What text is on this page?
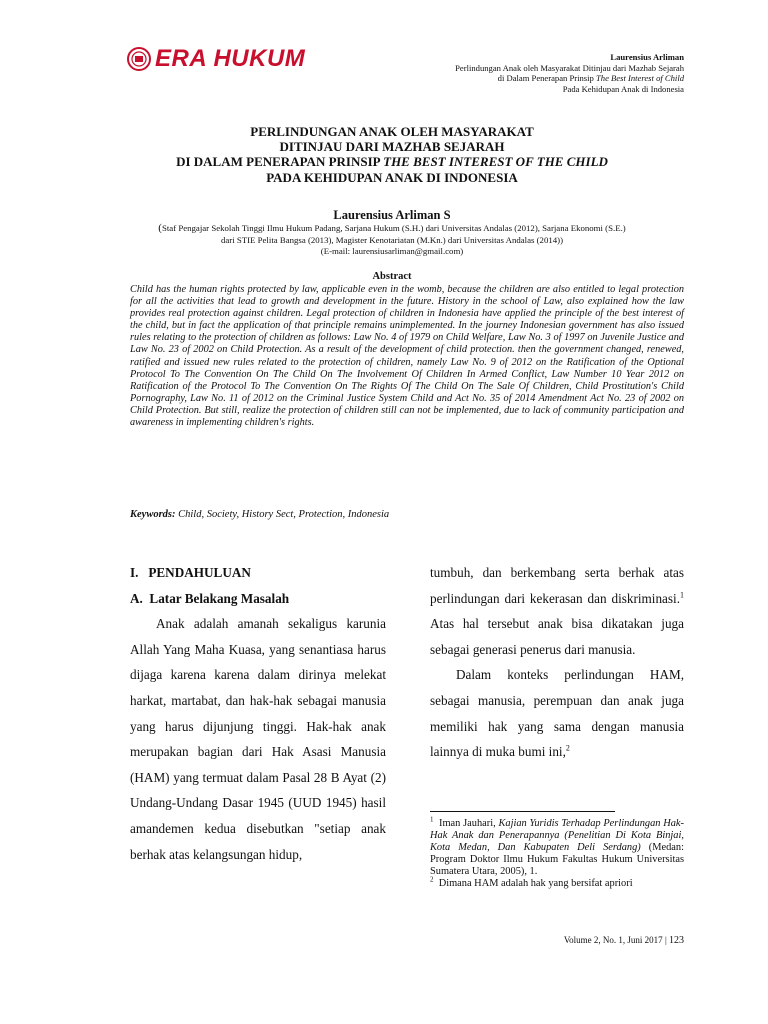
ERA HUKUM	Laurensius Arliman
Perlindungan Anak oleh Masyarakat Ditinjau dari Mazhab Sejarah
di Dalam Penerapan Prinsip The Best Interest of Child
Pada Kehidupan Anak di Indonesia
PERLINDUNGAN ANAK OLEH MASYARAKAT
DITINJAU DARI MAZHAB SEJARAH
DI DALAM PENERAPAN PRINSIP THE BEST INTEREST OF THE CHILD
PADA KEHIDUPAN ANAK DI INDONESIA
Laurensius Arliman S
(Staf Pengajar Sekolah Tinggi Ilmu Hukum Padang, Sarjana Hukum (S.H.) dari Universitas Andalas (2012), Sarjana Ekonomi (S.E.)
dari STIE Pelita Bangsa (2013), Magister Kenotariatan (M.Kn.) dari Universitas Andalas (2014))
(E-mail: laurensiusarliman@gmail.com)
Abstract

Child has the human rights protected by law, applicable even in the womb, because the children are also entitled to legal protection for all the activities that lead to growth and development in the future. History in the school of Law, also explained how the law provides real protection against children. Legal protection of children in Indonesia have applied the principle of the best interest of the child, but in fact the application of that principle remains unimplemented. In the journey Indonesian government has also issued rules relating to the protection of children as follows: Law No. 4 of 1979 on Child Welfare, Law No. 3 of 1997 on Juvenile Justice and Law No. 23 of 2002 on Child Protection. As a result of the development of child protection. then the government changed, renewed, ratified and issued new rules related to the protection of children, namely Law No. 9 of 2012 on the Ratification of the Optional Protocol To The Convention On The Child On The Involvement Of Children In Armed Conflict, Law Number 10 Year 2012 on Ratification of the Protocol To The Convention On The Rights Of The Child On The Sale Of Children, Child Prostitution's Child Pornography, Law No. 11 of 2012 on the Criminal Justice System Child and Act No. 35 of 2014 Amendment Act No. 23 of 2002 on Child Protection. But still, realize the protection of children still can not be implemented, due to lack of community participation and awareness in implementing children's rights.

Keywords: Child, Society, History Sect, Protection, Indonesia

I.   PENDAHULUAN

A.  Latar Belakang Masalah

Anak adalah amanah sekaligus karunia Allah Yang Maha Kuasa, yang senantiasa harus dijaga karena karena dalam dirinya melekat harkat, martabat, dan hak-hak sebagai manusia yang harus dijunjung tinggi. Hak-hak anak merupakan bagian dari Hak Asasi Manusia (HAM) yang termuat dalam Pasal 28 B Ayat (2) Undang-Undang Dasar 1945 (UUD 1945) hasil amandemen kedua disebutkan "setiap anak berhak atas kelangsungan hidup,

tumbuh, dan berkembang serta berhak atas perlindungan dari kekerasan dan diskriminasi.$^1$ Atas hal tersebut anak bisa dikatakan juga sebagai generasi penerus dari manusia.

Dalam konteks perlindungan HAM, sebagai manusia, perempuan dan anak juga memiliki hak yang sama dengan manusia lainnya di muka bumi ini,$^2$

$^1$  Iman Jauhari, Kajian Yuridis Terhadap Perlindungan Hak-Hak Anak dan Penerapannya (Penelitian Di Kota Binjai, Kota Medan, Dan Kabupaten Deli Serdang) (Medan: Program Doktor Ilmu Hukum Fakultas Hukum Universitas Sumatera Utara, 2005), 1.

$^2$  Dimana HAM adalah hak yang bersifat apriori

Volume 2, No. 1, Juni 2017 | 123
